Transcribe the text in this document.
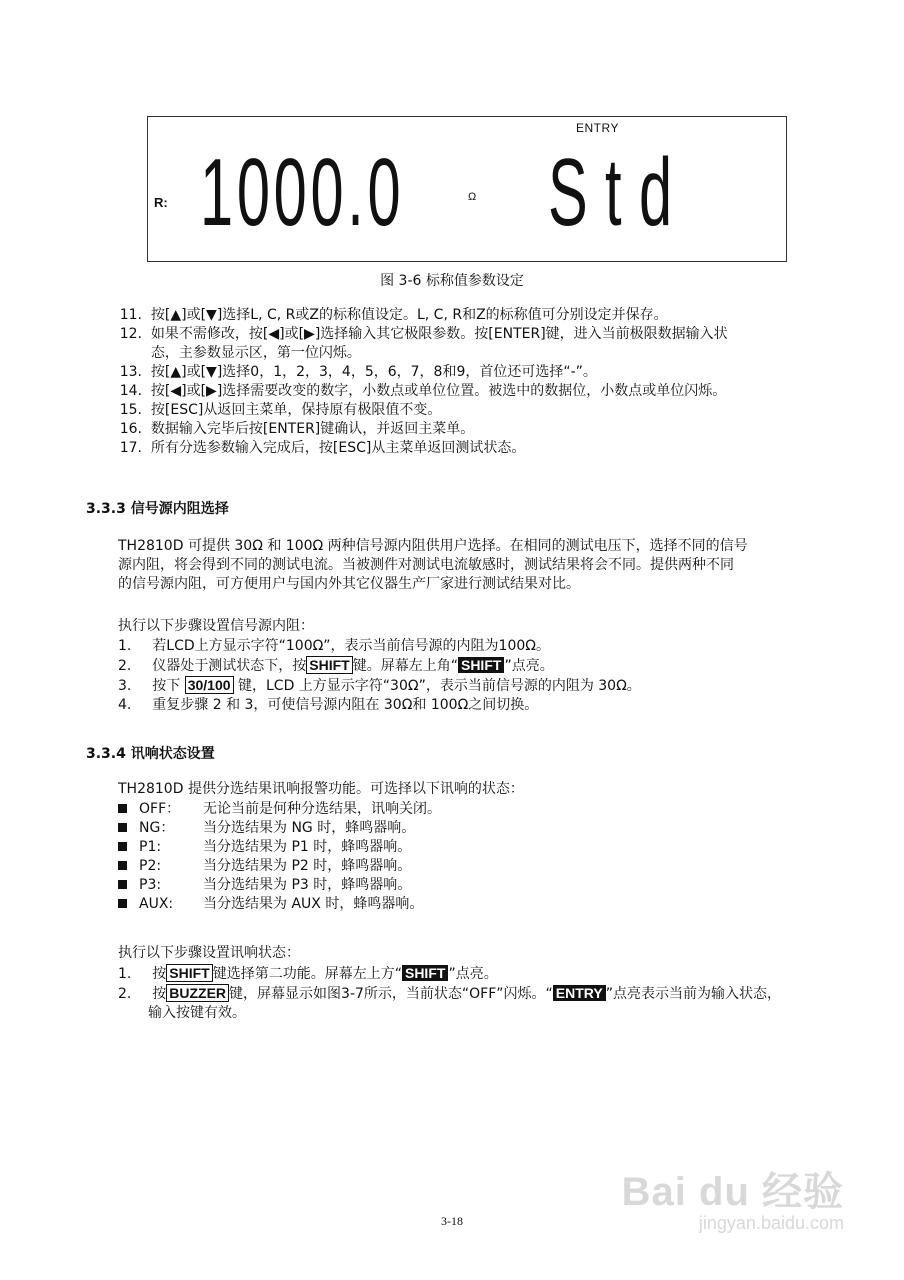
ENTRY
R: 1000.0	Ω Std
图 3-6 标称值参数设定
11. 按[▲]或[▼]选择L, C, R或Z的标称值设定。L, C, R和Z的标称值可分别设定并保存。
12. 如果不需修改，按[◀]或[▶]选择输入其它极限参数。按[ENTER]键，进入当前极限数据输入状
态，主参数显示区，第一位闪烁。
13. 按[▲]或[▼]选择0，1，2，3，4，5，6，7，8和9，首位还可选择“-”。
14. 按[◀]或[▶]选择需要改变的数字，小数点或单位位置。被选中的数据位，小数点或单位闪烁。
15. 按[ESC]从返回主菜单，保持原有极限值不变。
16. 数据输入完毕后按[ENTER]键确认，并返回主菜单。
17. 所有分选参数输入完成后，按[ESC]从主菜单返回测试状态。
3.3.3 信号源内阻选择
TH2810D 可提供 30Ω 和 100Ω 两种信号源内阻供用户选择。在相同的测试电压下，选择不同的信号
源内阻，将会得到不同的测试电流。当被测件对测试电流敏感时，测试结果将会不同。提供两种不同
的信号源内阻，可方便用户与国内外其它仪器生产厂家进行测试结果对比。
执行以下步骤设置信号源内阻：
1. 若LCD上方显示字符“100Ω”，表示当前信号源的内阻为100Ω。
2. 仪器处于测试状态下，按 SHIFT 键。屏幕左上角“ SHIFT ”点亮。
3. 按下 30/100 键，LCD 上方显示字符“30Ω”，表示当前信号源的内阻为 30Ω。
4. 重复步骤 2 和 3，可使信号源内阻在 30Ω和 100Ω之间切换。
3.3.4 讯响状态设置
TH2810D 提供分选结果讯响报警功能。可选择以下讯响的状态：
OFF： 无论当前是何种分选结果，讯响关闭。
NG： 当分选结果为 NG 时，蜂鸣器响。
P1:	当分选结果为 P1 时，蜂鸣器响。
P2:	当分选结果为 P2 时，蜂鸣器响。
P3:	当分选结果为 P3 时，蜂鸣器响。
AUX: 当分选结果为 AUX 时，蜂鸣器响。
执行以下步骤设置讯响状态：
1. 按 SHIFT 键选择第二功能。屏幕左上方“ SHIFT ”点亮。
2. 按 BUZZER 键，屏幕显示如图3-7所示，当前状态“OFF”闪烁。“ ENTRY ”点亮表示当前为输入状态，
输入按键有效。
Bai du 经验
jingyan.baidu.com
3-18
